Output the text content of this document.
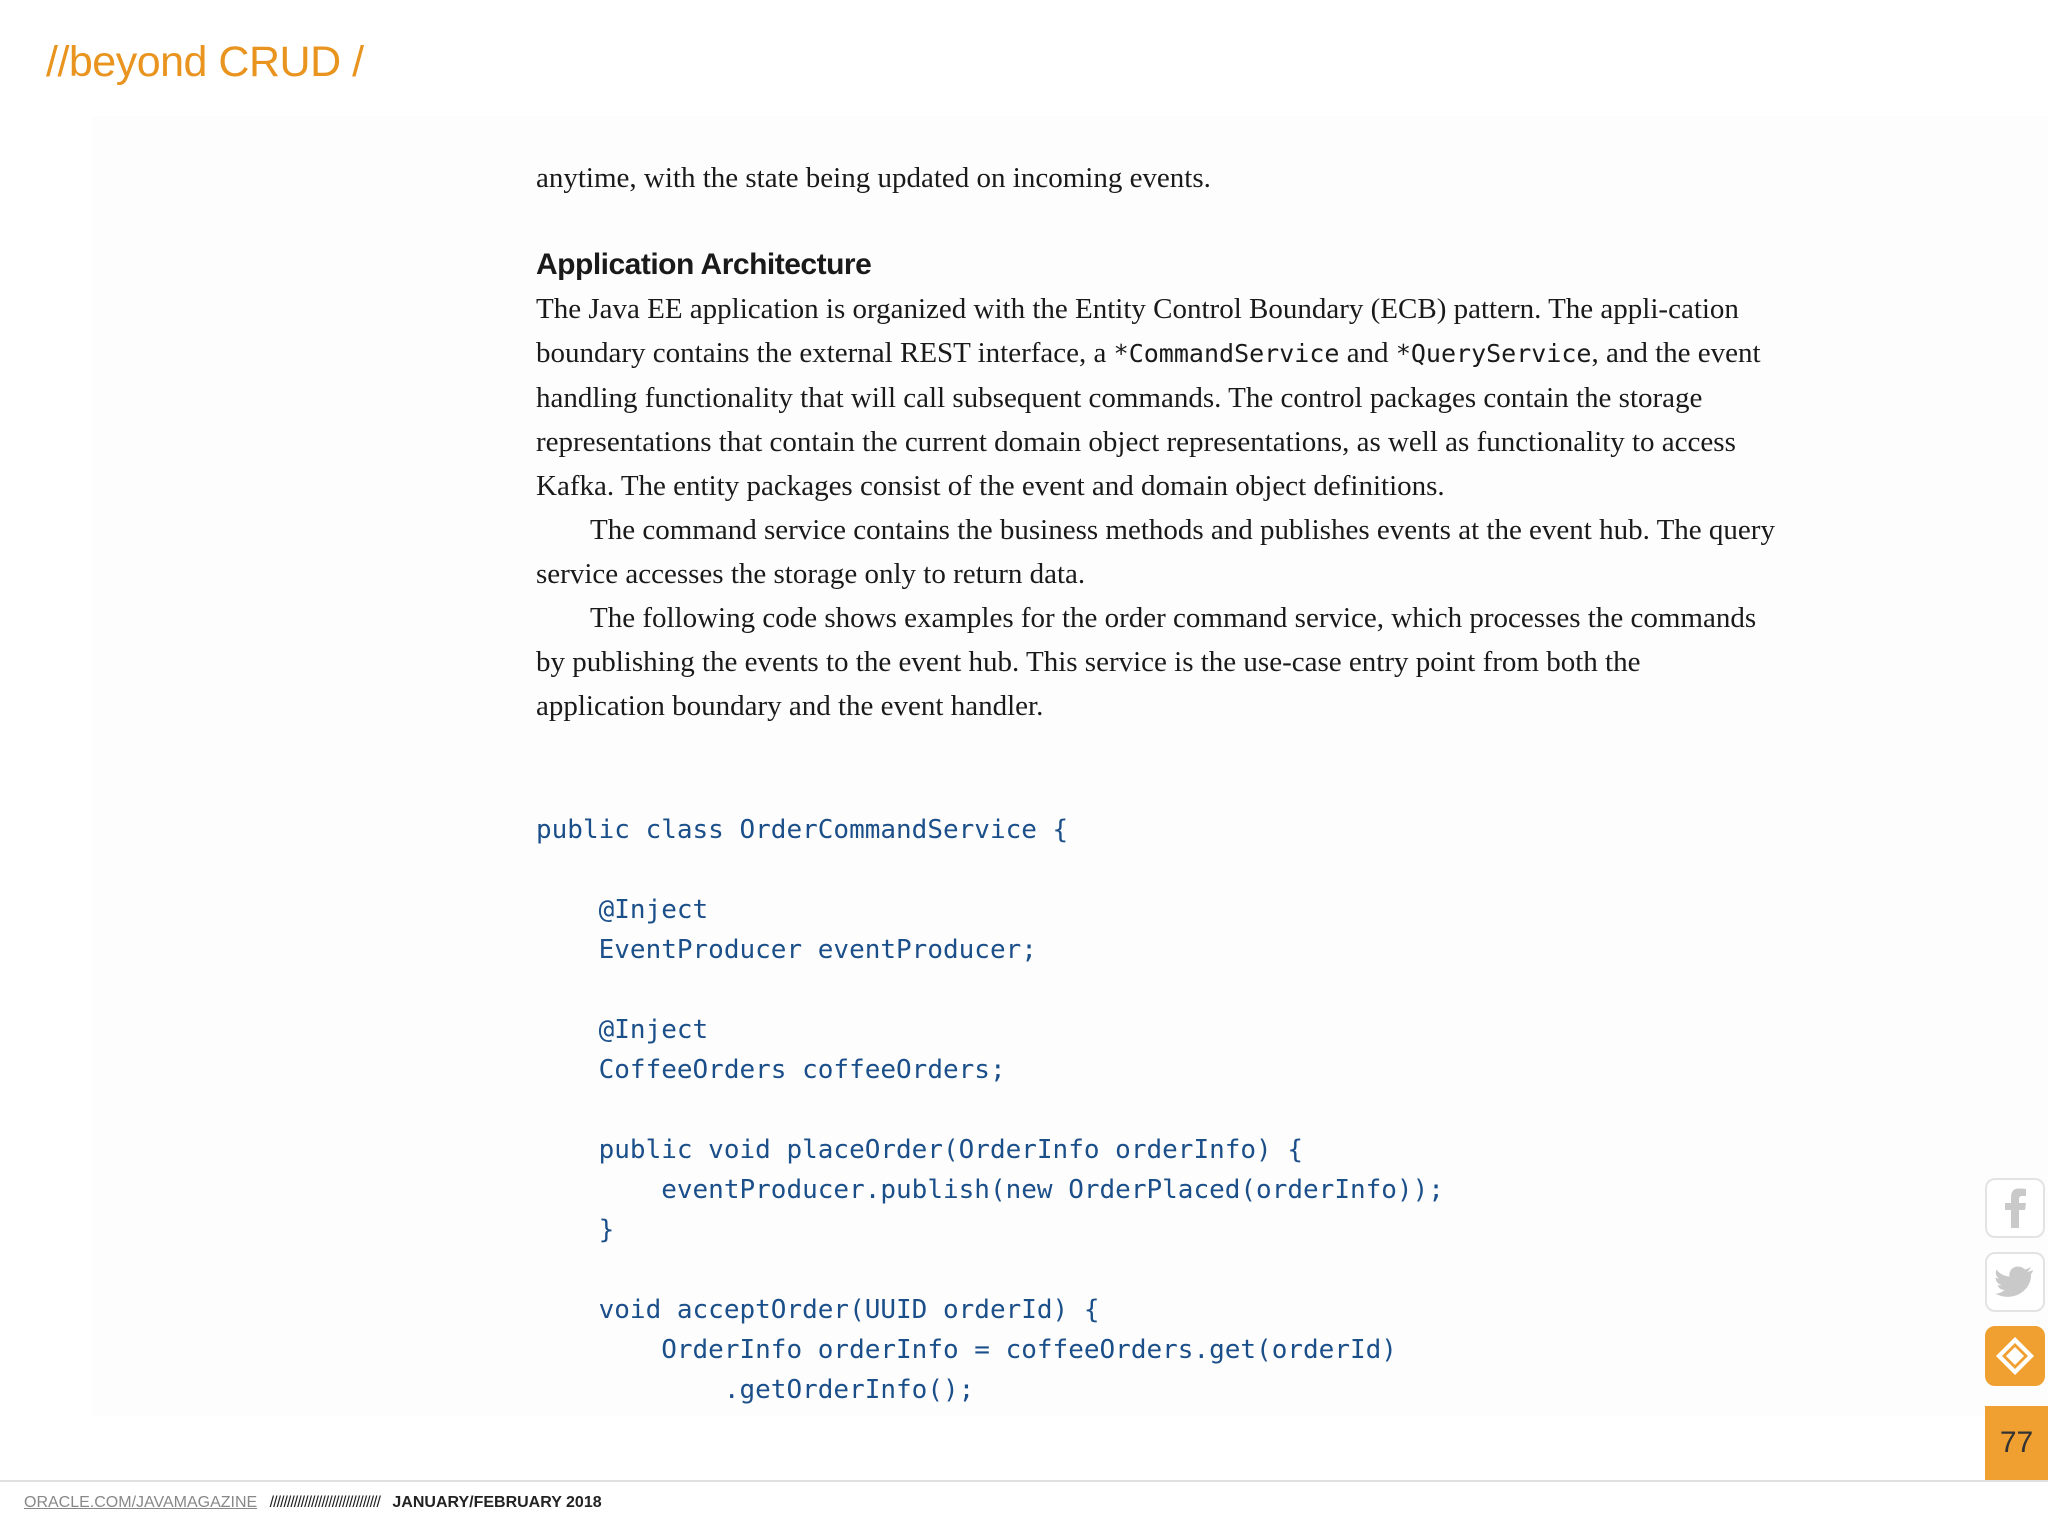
//beyond CRUD /

anytime, with the state being updated on incoming events.

Application Architecture

The Java EE application is organized with the Entity Control Boundary (ECB) pattern. The appli-cation boundary contains the external REST interface, a *CommandService and *QueryService, and the event handling functionality that will call subsequent commands. The control packages contain the storage representations that contain the current domain object representations, as well as functionality to access Kafka. The entity packages consist of the event and domain object definitions.

The command service contains the business methods and publishes events at the event hub. The query service accesses the storage only to return data.

The following code shows examples for the order command service, which processes the commands by publishing the events to the event hub. This service is the use-case entry point from both the application boundary and the event handler.

public class OrderCommandService {
@Inject
EventProducer eventProducer;
@Inject
CoffeeOrders coffeeOrders;
public void placeOrder(OrderInfo orderInfo) {
eventProducer.publish(new OrderPlaced(orderInfo));
}
void acceptOrder(UUID orderId) {
OrderInfo orderInfo = coffeeOrders.get(orderId)
.getOrderInfo();
77
ORACLE.COM/JAVAMAGAZINE //////////////////////////////// JANUARY/FEBRUARY 2018
